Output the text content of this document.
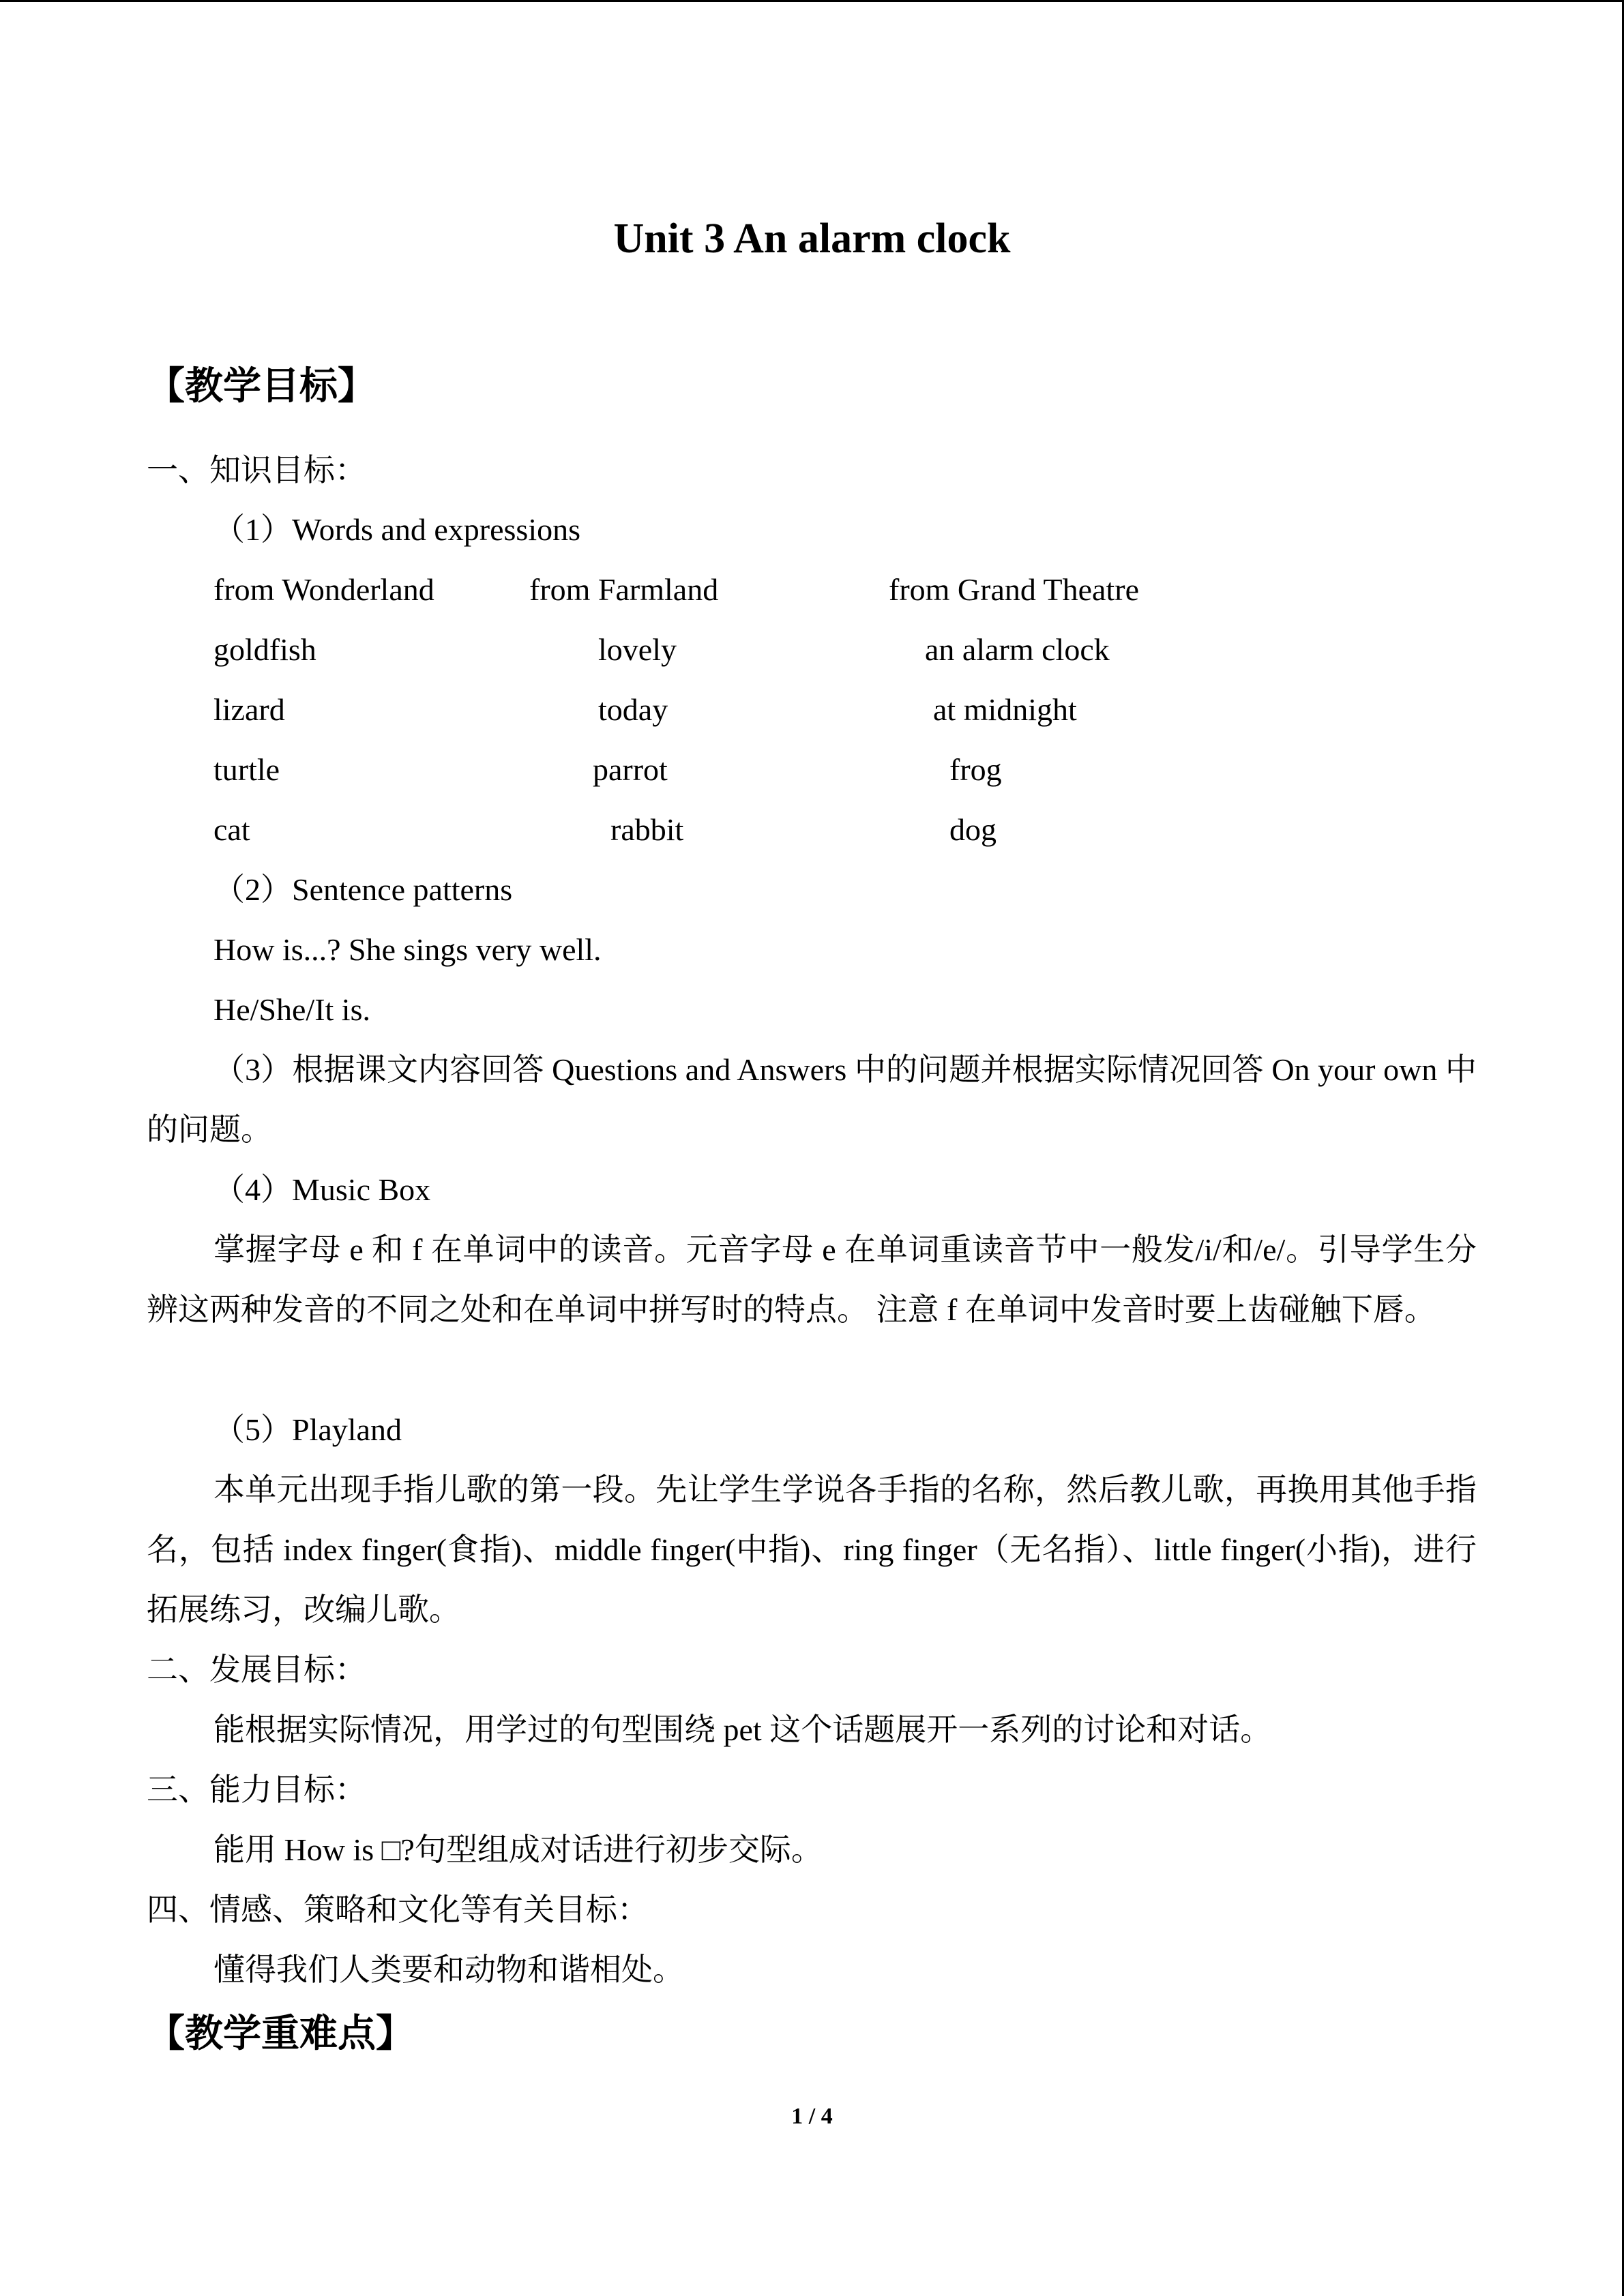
Unit 3 An alarm clock
【教学目标】
一、知识目标：
（1）Words and expressions
from Wonderland	from Farmland	from Grand Theatre
goldfish	lovely	an alarm clock
lizard	today	at midnight
turtle	parrot	frog
cat	rabbit	dog
（2）Sentence patterns
How is...? She sings very well.
He/She/It is.
（3）根据课文内容回答 Questions and Answers 中的问题并根据实际情况回答 On your own 中的问题。
（4）Music Box
掌握字母 e 和 f 在单词中的读音。元音字母 e 在单词重读音节中一般发/i/和/e/。引导学生分辨这两种发音的不同之处和在单词中拼写时的特点。 注意 f 在单词中发音时要上齿碰触下唇。
（5）Playland
本单元出现手指儿歌的第一段。先让学生学说各手指的名称，然后教儿歌，再换用其他手指名，包括 index finger(食指)、middle finger(中指)、ring finger（无名指）、little finger(小指)，进行拓展练习，改编儿歌。
二、发展目标：
能根据实际情况，用学过的句型围绕 pet 这个话题展开一系列的讨论和对话。
三、能力目标：
能用 How is □?句型组成对话进行初步交际。
四、情感、策略和文化等有关目标：
懂得我们人类要和动物和谐相处。
【教学重难点】
1 / 4
